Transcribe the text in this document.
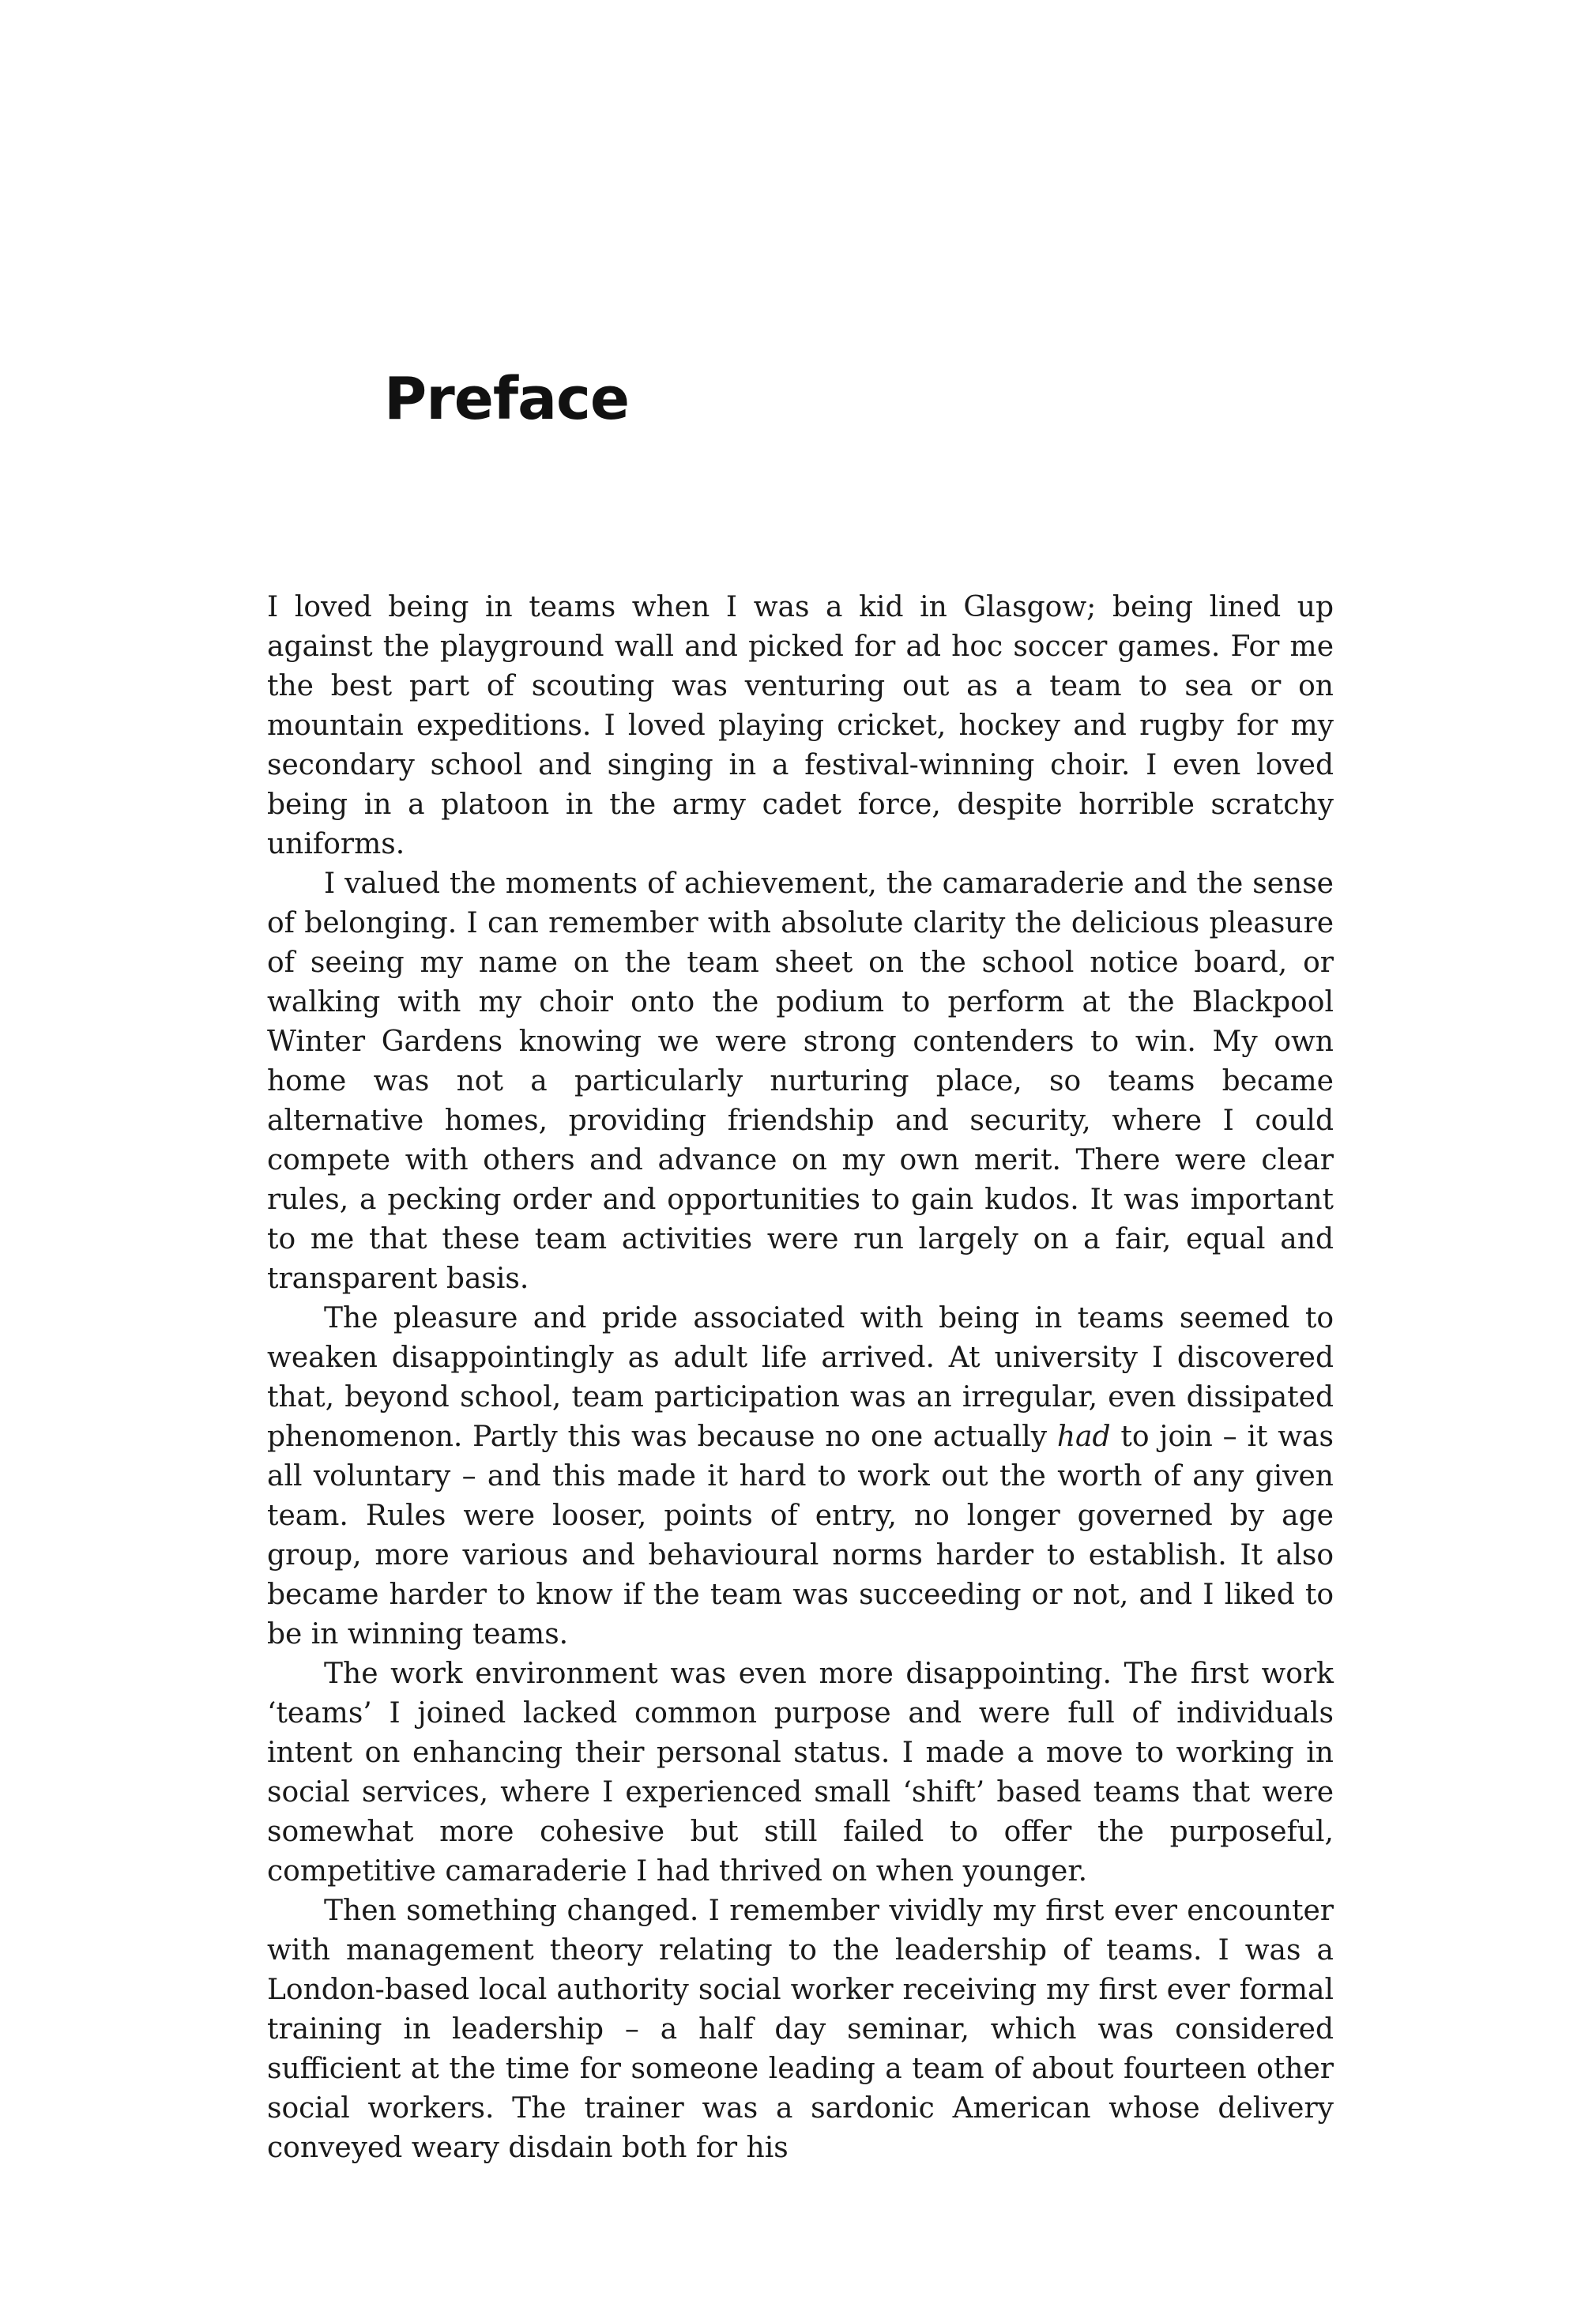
Preface

I loved being in teams when I was a kid in Glasgow; being lined up against the playground wall and picked for ad hoc soccer games. For me the best part of scouting was venturing out as a team to sea or on mountain expeditions. I loved playing cricket, hockey and rugby for my secondary school and singing in a festival-winning choir. I even loved being in a platoon in the army cadet force, despite horrible scratchy uniforms.

I valued the moments of achievement, the camaraderie and the sense of belonging. I can remember with absolute clarity the delicious pleasure of seeing my name on the team sheet on the school notice board, or walking with my choir onto the podium to perform at the Blackpool Winter Gardens knowing we were strong contenders to win. My own home was not a particularly nurturing place, so teams became alternative homes, providing friendship and security, where I could compete with others and advance on my own merit. There were clear rules, a pecking order and opportunities to gain kudos. It was important to me that these team activities were run largely on a fair, equal and transparent basis.

The pleasure and pride associated with being in teams seemed to weaken disappointingly as adult life arrived. At university I discovered that, beyond school, team participation was an irregular, even dissipated phenomenon. Partly this was because no one actually had to join – it was all voluntary – and this made it hard to work out the worth of any given team. Rules were looser, points of entry, no longer governed by age group, more various and behavioural norms harder to establish. It also became harder to know if the team was succeeding or not, and I liked to be in winning teams.

The work environment was even more disappointing. The first work ‘teams’ I joined lacked common purpose and were full of individuals intent on enhancing their personal status. I made a move to working in social services, where I experienced small ‘shift’ based teams that were somewhat more cohesive but still failed to offer the purposeful, competitive camaraderie I had thrived on when younger.

Then something changed. I remember vividly my first ever encounter with management theory relating to the leadership of teams. I was a London-based local authority social worker receiving my first ever formal training in leadership – a half day seminar, which was considered sufficient at the time for someone leading a team of about fourteen other social workers. The trainer was a sardonic American whose delivery conveyed weary disdain both for his
